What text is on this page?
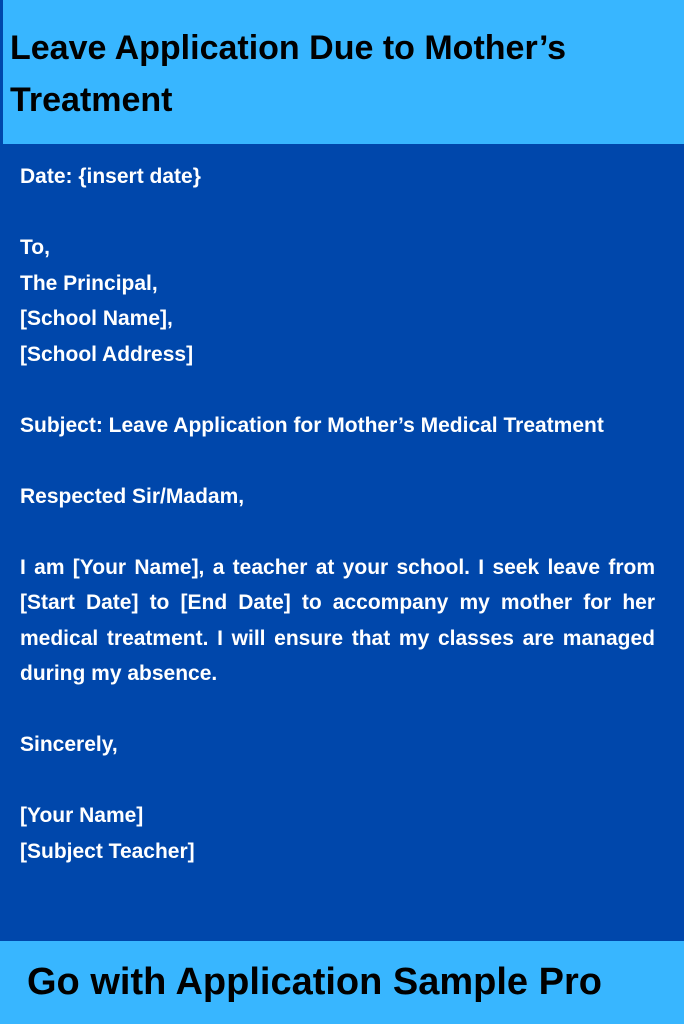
Leave Application Due to Mother’s Treatment
Date: {insert date}
To,
The Principal,
[School Name],
[School Address]
Subject: Leave Application for Mother’s Medical Treatment
Respected Sir/Madam,
I am [Your Name], a teacher at your school. I seek leave from [Start Date] to [End Date] to accompany my mother for her medical treatment. I will ensure that my classes are managed during my absence.
Sincerely,
[Your Name]
[Subject Teacher]

Go with Application Sample Pro
